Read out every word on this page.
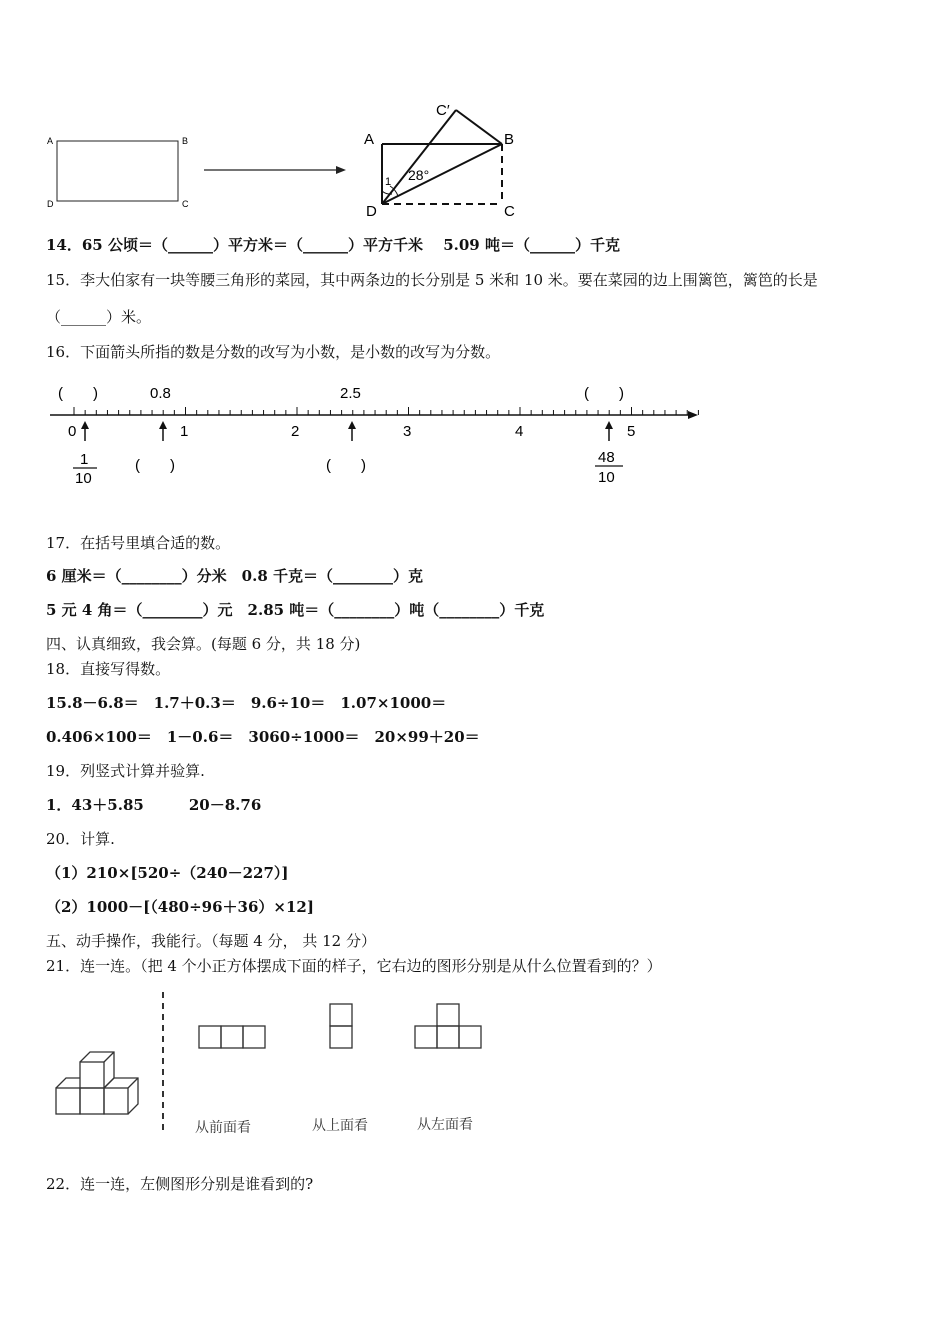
A	B
D	C
C′
A	B
D	C
1 28°
14．65 公顷＝（______）平方米＝（______）平方千米　 5.09 吨＝（______）千克
15．李大伯家有一块等腰三角形的菜园，其中两条边的长分别是 5 米和 10 米。要在菜园的边上围篱笆，篱笆的长是
（______）米。
16．下面箭头所指的数是分数的改写为小数，是小数的改写为分数。
(　　)	0.8	2.5	(　　)
0	1	2	3	4	5
1
10
(　　)	(　　)	48
10
17．在括号里填合适的数。
6 厘米＝（________）分米　0.8 千克＝（________）克
5 元 4 角＝（________）元　2.85 吨＝（________）吨（________）千克
四、认真细致，我会算。(每题 6 分，共 18 分)
18．直接写得数。
15.8－6.8＝　1.7＋0.3＝　9.6÷10＝　1.07×1000＝
0.406×100＝　1－0.6＝　3060÷1000＝　20×99＋20＝
19．列竖式计算并验算.
1．43＋5.85　　　20－8.76
20．计算.
（1）210×[520÷（240－227）]
（2）1000－[（480÷96＋36）×12]
五、动手操作，我能行。（每题 4 分， 共 12 分）
21．连一连。（把 4 个小正方体摆成下面的样子，它右边的图形分别是从什么位置看到的？）
从前面看	从上面看	从左面看
22．连一连，左侧图形分别是谁看到的?
